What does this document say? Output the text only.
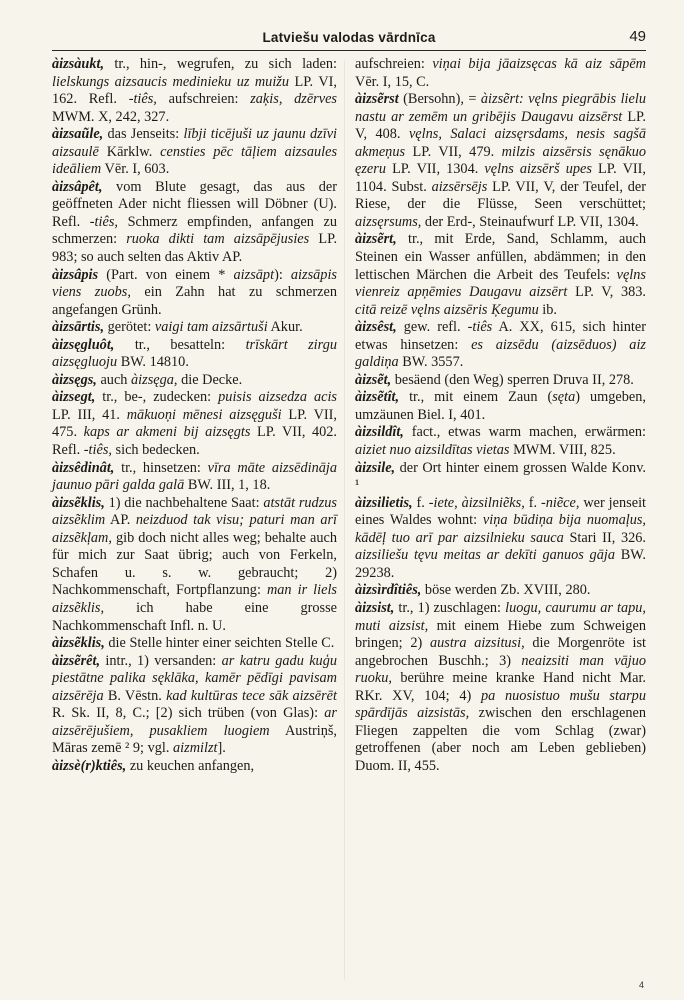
Latviešu valodas vārdnīca	49

àizsàukt, tr., hin-, wegrufen, zu sich laden: lielskungs aizsaucis medinieku uz muižu LP. VI, 162. Refl. -tiês, aufschreien: zaķis, dzērves MWM. X, 242, 327.

àizsaũle, das Jenseits: lībji ticējuši uz jaunu dzīvi aizsaulē Kārklw. censties pēc tāļiem aizsaules ideāliem Vēr. I, 603.

àizsâpêt, vom Blute gesagt, das aus der geöffneten Ader nicht fliessen will Döbner (U). Refl. -tiês, Schmerz empfinden, anfangen zu schmerzen: ruoka dikti tam aizsāpējusies LP. 983; so auch selten das Aktiv AP.

àizsâpis (Part. von einem * aizsāpt): aizsāpis viens zuobs, ein Zahn hat zu schmerzen angefangen Grünh.

àizsārtis, gerötet: vaigi tam aizsārtuši Akur.

àizsęgluôt, tr., besatteln: trīskārt zirgu aizsęgluoju BW. 14810.

àizsęgs, auch àizsęga, die Decke.

àizsegt, tr., be-, zudecken: puisis aizsedza acis LP. III, 41. mākuoņi mēnesi aizsęguši LP. VII, 475. kaps ar akmeni bij aizsęgts LP. VII, 402. Refl. -tiês, sich bedecken.

àizsêdinât, tr., hinsetzen: vīra māte aizsēdināja jaunuo pāri galda galā BW. III, 1, 18.

àizsẽklis, 1) die nachbehaltene Saat: atstāt rudzus aizsẽklim AP. neizduod tak visu; paturi man arī aizsẽkļam, gib doch nicht alles weg; behalte auch für mich zur Saat übrig; auch von Ferkeln, Schafen u. s. w. gebraucht; 2) Nachkommenschaft, Fortpflanzung: man ir liels aizsẽklis, ich habe eine grosse Nachkommenschaft Infl. n. U.

àizsẽklis, die Stelle hinter einer seichten Stelle C.

àizsẽrêt, intr., 1) versanden: ar katru gadu kuģu piestātne palika sęklāka, kamēr pēdīgi pavisam aizsērēja B. Vēstn. kad kultūras tece sāk aizsērēt R. Sk. II, 8, C.; [2) sich trüben (von Glas): ar aizsērējušiem, pusakliem luogiem Austriņš, Māras zemē ² 9; vgl. aizmilzt].

àizsè(r)ktiês, zu keuchen anfangen,

aufschreien: viņai bija jāaizsęcas kā aiz sāpēm Vēr. I, 15, C.

àizsẽrst (Bersohn), = àizsẽrt: vęlns piegrābis lielu nastu ar zemēm un gribējis Daugavu aizsērst LP. V, 408. vęlns, Salaci aizsęrsdams, nesis sagšā akmeņus LP. VII, 479. milzis aizsērsis sęnākuo ęzeru LP. VII, 1304. vęlns aizsērš upes LP. VII, 1104. Subst. aizsērsējs LP. VII, V, der Teufel, der Riese, der die Flüsse, Seen verschüttet; aizsęrsums, der Erd-, Steinaufwurf LP. VII, 1304.

àizsẽrt, tr., mit Erde, Sand, Schlamm, auch Steinen ein Wasser anfüllen, abdämmen; in den lettischen Märchen die Arbeit des Teufels: vęlns vienreiz apņēmies Daugavu aizsērt LP. V, 383. citā reizē vęlns aizsēris Ķegumu ib.

àizsêst, gew. refl. -tiês A. XX, 615, sich hinter etwas hinsetzen: es aizsēdu (aizsēduos) aiz galdiņa BW. 3557.

àizsẽt, besäend (den Weg) sperren Druva II, 278.

àizsẽtît, tr., mit einem Zaun (sęta) umgeben, umzäunen Biel. I, 401.

àizsildît, fact., etwas warm machen, erwärmen: aiziet nuo aizsildītas vietas MWM. VIII, 825.

àizsile, der Ort hinter einem grossen Walde Konv. ¹

àizsilietis, f. -iete, àizsilniẽks, f. -niẽce, wer jenseit eines Waldes wohnt: viņa būdiņa bija nuomaļus, kādēļ tuo arī par aizsilnieku sauca Stari II, 326. aizsiliešu tęvu meitas ar dekīti ganuos gāja BW. 29238.

àizsìrdîtiês, böse werden Zb. XVIII, 280.

àizsist, tr., 1) zuschlagen: luogu, caurumu ar tapu, muti aizsist, mit einem Hiebe zum Schweigen bringen; 2) austra aizsitusi, die Morgenröte ist angebrochen Buschh.; 3) neaizsiti man vājuo ruoku, berühre meine kranke Hand nicht Mar. RKr. XV, 104; 4) pa nuosistuo mušu starpu spārdījās aizsistās, zwischen den erschlagenen Fliegen zappelten die vom Schlag (zwar) getroffenen (aber noch am Leben geblieben) Duom. II, 455.

4
